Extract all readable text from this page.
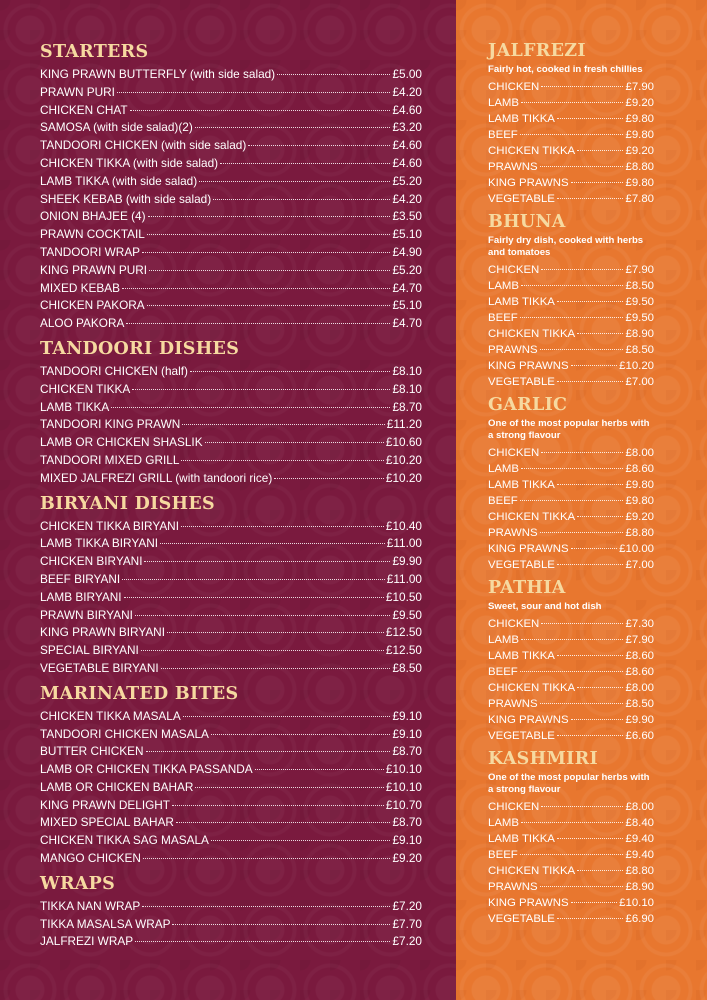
STARTERS
KING PRAWN BUTTERFLY (with side salad)	£5.00
PRAWN PURI	£4.20
CHICKEN CHAT	£4.60
SAMOSA (with side salad)(2)	£3.20
TANDOORI CHICKEN (with side salad)	£4.60
CHICKEN TIKKA (with side salad)	£4.60
LAMB TIKKA (with side salad)	£5.20
SHEEK KEBAB (with side salad)	£4.20
ONION BHAJEE (4)	£3.50
PRAWN COCKTAIL	£5.10
TANDOORI WRAP	£4.90
KING PRAWN PURI	£5.20
MIXED KEBAB	£4.70
CHICKEN PAKORA	£5.10
ALOO PAKORA	£4.70
TANDOORI DISHES
TANDOORI CHICKEN (half)	£8.10
CHICKEN TIKKA	£8.10
LAMB TIKKA	£8.70
TANDOORI KING PRAWN	£11.20
LAMB OR CHICKEN SHASLIK	£10.60
TANDOORI MIXED GRILL	£10.20
MIXED JALFREZI GRILL (with tandoori rice)	£10.20
BIRYANI DISHES
CHICKEN TIKKA BIRYANI	£10.40
LAMB TIKKA BIRYANI	£11.00
CHICKEN BIRYANI	£9.90
BEEF BIRYANI	£11.00
LAMB BIRYANI	£10.50
PRAWN BIRYANI	£9.50
KING PRAWN BIRYANI	£12.50
SPECIAL BIRYANI	£12.50
VEGETABLE BIRYANI	£8.50
MARINATED BITES
CHICKEN TIKKA MASALA	£9.10
TANDOORI CHICKEN MASALA	£9.10
BUTTER CHICKEN	£8.70
LAMB OR CHICKEN TIKKA PASSANDA	£10.10
LAMB OR CHICKEN BAHAR	£10.10
KING PRAWN DELIGHT	£10.70
MIXED SPECIAL BAHAR	£8.70
CHICKEN TIKKA SAG MASALA	£9.10
MANGO CHICKEN	£9.20
WRAPS
TIKKA NAN WRAP	£7.20
TIKKA MASALSA WRAP	£7.70
JALFREZI WRAP	£7.20
JALFREZI

Fairly hot, cooked in fresh chillies

CHICKEN	£7.90
LAMB	£9.20
LAMB TIKKA	£9.80
BEEF	£9.80
CHICKEN TIKKA	£9.20
PRAWNS	£8.80
KING PRAWNS	£9.80
VEGETABLE	£7.80
BHUNA

Fairly dry dish, cooked with herbs and tomatoes

CHICKEN	£7.90
LAMB	£8.50
LAMB TIKKA	£9.50
BEEF	£9.50
CHICKEN TIKKA	£8.90
PRAWNS	£8.50
KING PRAWNS	£10.20
VEGETABLE	£7.00
GARLIC

One of the most popular herbs with a strong flavour

CHICKEN	£8.00
LAMB	£8.60
LAMB TIKKA	£9.80
BEEF	£9.80
CHICKEN TIKKA	£9.20
PRAWNS	£8.80
KING PRAWNS	£10.00
VEGETABLE	£7.00
PATHIA

Sweet, sour and hot dish

CHICKEN	£7.30
LAMB	£7.90
LAMB TIKKA	£8.60
BEEF	£8.60
CHICKEN TIKKA	£8.00
PRAWNS	£8.50
KING PRAWNS	£9.90
VEGETABLE	£6.60
KASHMIRI

One of the most popular herbs with a strong flavour

CHICKEN	£8.00
LAMB	£8.40
LAMB TIKKA	£9.40
BEEF	£9.40
CHICKEN TIKKA	£8.80
PRAWNS	£8.90
KING PRAWNS	£10.10
VEGETABLE	£6.90
